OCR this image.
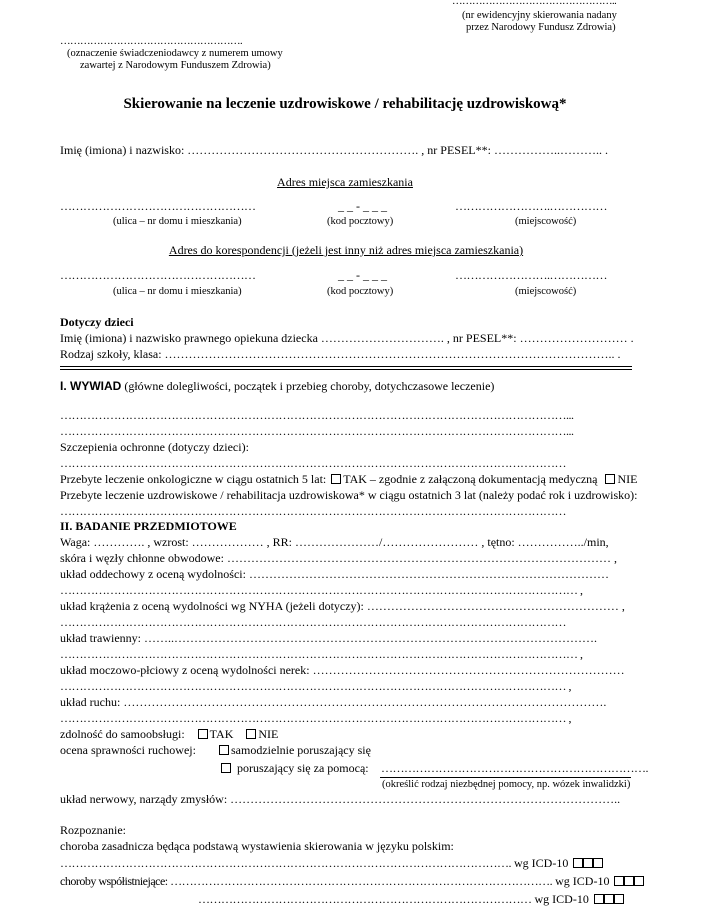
…………………………………………..
(nr ewidencyjny skierowania nadany
przez Narodowy Fundusz Zdrowia)
……………………………………………….
(oznaczenie świadczeniodawcy z numerem umowy
zawartej z Narodowym Funduszem Zdrowia)
Skierowanie na leczenie uzdrowiskowe / rehabilitację uzdrowiskową*
Imię (imiona) i nazwisko: …………………………………………………. , nr PESEL**: ……………..……….. .
Adres miejsca zamieszkania
……………………………………………	_ _ - _ _ _	…………………….……………
(ulica – nr domu i mieszkania)	(kod pocztowy)	(miejscowość)
Adres do korespondencji (jeżeli jest inny niż adres miejsca zamieszkania)
……………………………………………	_ _ - _ _ _	…………………….……………
(ulica – nr domu i mieszkania)	(kod pocztowy)	(miejscowość)
Dotyczy dzieci
Imię (imiona) i nazwisko prawnego opiekuna dziecka …………………………. , nr PESEL**: ……………………… .
Rodzaj szkoły, klasa: ………………………………………………………………………………………………….. .
I. WYWIAD (główne dolegliwości, początek i przebieg choroby, dotychczasowe leczenie)
……………………………………………………………………………………………………………………...
……………………………………………………………………………………………………………………...
Szczepienia ochronne (dotyczy dzieci):
……………………………………………………………………………………………………………………
Przebyte leczenie onkologiczne w ciągu ostatnich 5 lat: TAK – zgodnie z załączoną dokumentacją medyczną NIE
Przebyte leczenie uzdrowiskowe / rehabilitacja uzdrowiskowa* w ciągu ostatnich 3 lat (należy podać rok i uzdrowisko):
……………………………………………………………………………………………………………………
II. BADANIE PRZEDMIOTOWE
Waga: …………. , wzrost: ……………… , RR: …………………/…………………… , tętno: ……………../min,
skóra i węzły chłonne obwodowe: …………………………………………………………………………………… ,
układ oddechowy z oceną wydolności: ………………………………………………………………………………
……………………………………………………………………………………………………………………… ,
układ krążenia z oceną wydolności wg NYHA (jeżeli dotyczy): ……………………………………………………… ,
……………………………………………………………………………………………………………………
układ trawienny: ……..…………………………………………………………………………………………….
……………………………………………………………………………………………………………………… ,
układ moczowo-płciowy z oceną wydolności nerek: ……………………………………………………………………
…………………………………………………………………………………………………………………… ,
układ ruchu: ………………………………………………………………………………………………………….
…………………………………………………………………………………………………………………… ,
zdolność do samoobsługi: TAK NIE
ocena sprawności ruchowej:	samodzielnie poruszający się
poruszający się za pomocą: …………………………………………………………….
(określić rodzaj niezbędnej pomocy, np. wózek inwalidzki)
układ nerwowy, narządy zmysłów: ……………………………………………………………………………………..
Rozpoznanie:
choroba zasadnicza będąca podstawą wystawienia skierowania w języku polskim:
………………………………………………………………………………………………………. wg ICD-10
choroby współistniejące: ………………………………………………………………………………………. wg ICD-10
…………………………………………………………………………… wg ICD-10
